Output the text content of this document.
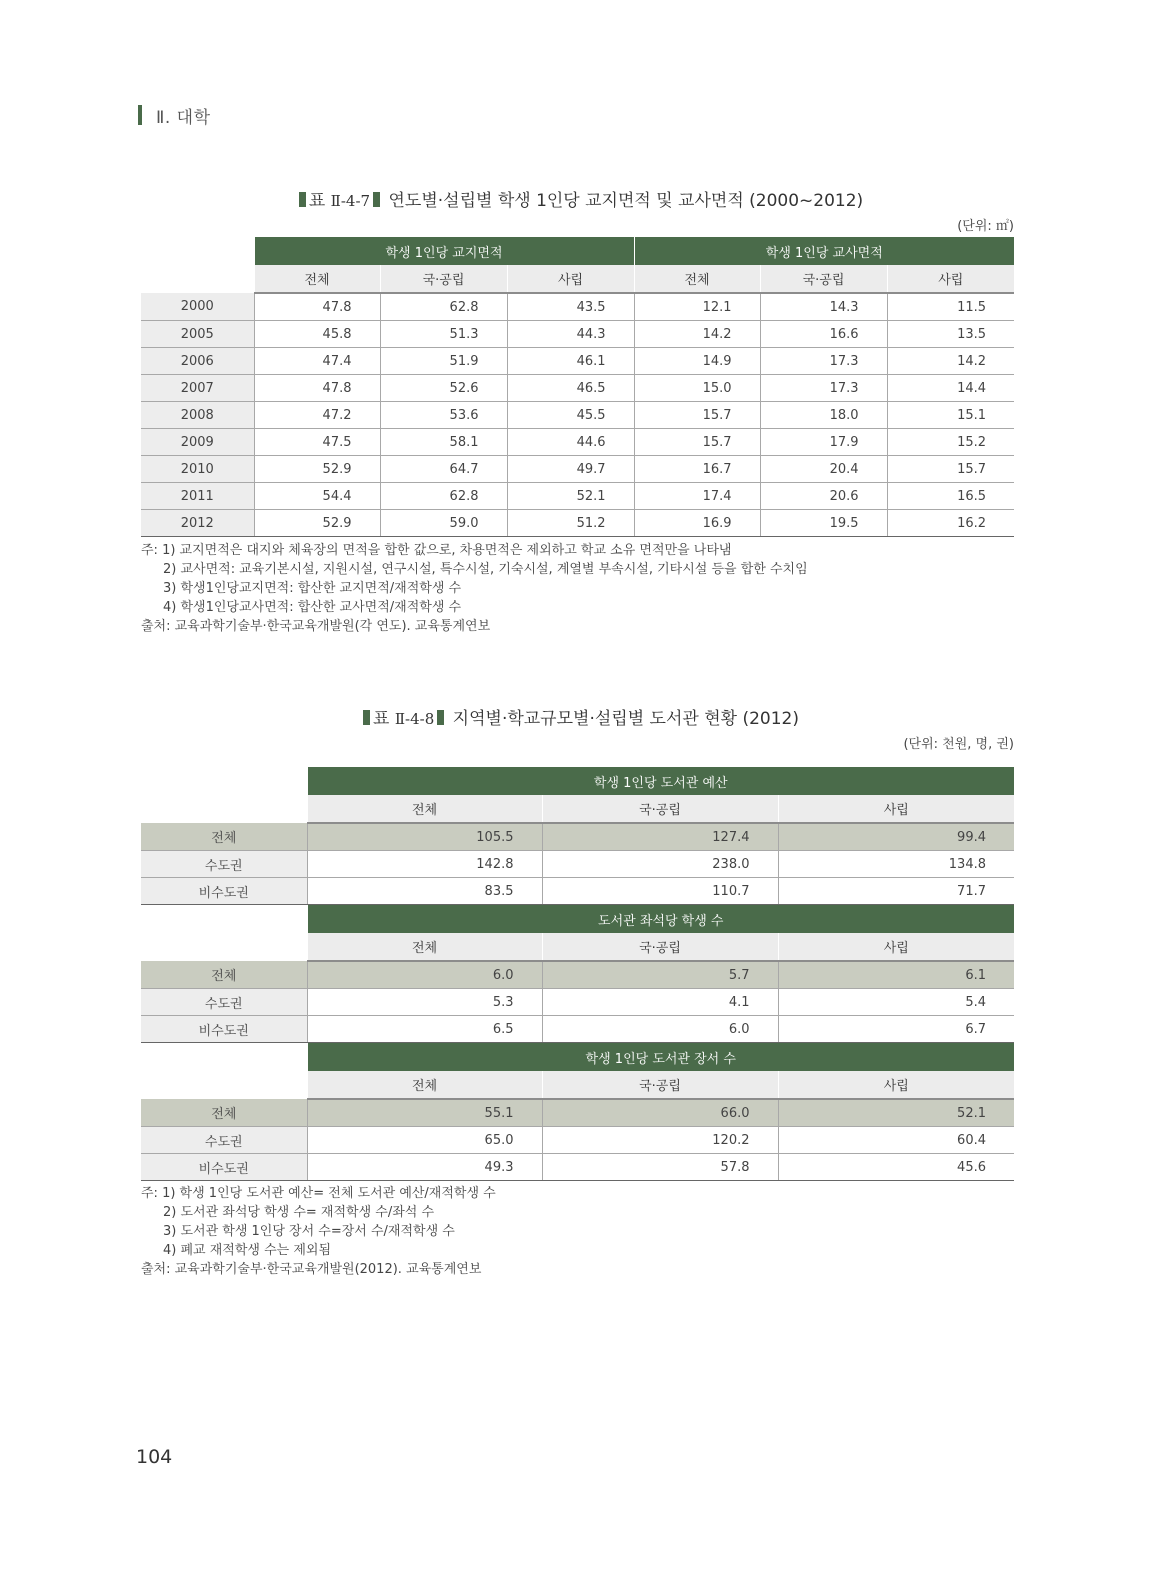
Ⅱ. 대학
표 Ⅱ-4-7 연도별·설립별 학생 1인당 교지면적 및 교사면적 (2000~2012)
(단위: ㎡)
	학생 1인당 교지면적			학생 1인당 교사면적		
	전체	국·공립	사립	전체	국·공립	사립
2000	47.8	62.8	43.5	12.1	14.3	11.5
2005	45.8	51.3	44.3	14.2	16.6	13.5
2006	47.4	51.9	46.1	14.9	17.3	14.2
2007	47.8	52.6	46.5	15.0	17.3	14.4
2008	47.2	53.6	45.5	15.7	18.0	15.1
2009	47.5	58.1	44.6	15.7	17.9	15.2
2010	52.9	64.7	49.7	16.7	20.4	15.7
2011	54.4	62.8	52.1	17.4	20.6	16.5
2012	52.9	59.0	51.2	16.9	19.5	16.2
주: 1) 교지면적은 대지와 체육장의 면적을 합한 값으로, 차용면적은 제외하고 학교 소유 면적만을 나타냄
2) 교사면적: 교육기본시설, 지원시설, 연구시설, 특수시설, 기숙시설, 계열별 부속시설, 기타시설 등을 합한 수치임
3) 학생1인당교지면적: 합산한 교지면적/재적학생 수
4) 학생1인당교사면적: 합산한 교사면적/재적학생 수
출처: 교육과학기술부·한국교육개발원(각 연도). 교육통계연보
표 Ⅱ-4-8 지역별·학교규모별·설립별 도서관 현황 (2012)
(단위: 천원, 명, 권)
	학생 1인당 도서관 예산		
	전체	국·공립	사립
전체	105.5	127.4	99.4
수도권	142.8	238.0	134.8
비수도권	83.5	110.7	71.7
	도서관 좌석당 학생 수		
	전체	국·공립	사립
전체	6.0	5.7	6.1
수도권	5.3	4.1	5.4
비수도권	6.5	6.0	6.7
	학생 1인당 도서관 장서 수		
	전체	국·공립	사립
전체	55.1	66.0	52.1
수도권	65.0	120.2	60.4
비수도권	49.3	57.8	45.6
주: 1) 학생 1인당 도서관 예산= 전체 도서관 예산/재적학생 수
2) 도서관 좌석당 학생 수= 재적학생 수/좌석 수
3) 도서관 학생 1인당 장서 수=장서 수/재적학생 수
4) 폐교 재적학생 수는 제외됨
출처: 교육과학기술부·한국교육개발원(2012). 교육통계연보
104
